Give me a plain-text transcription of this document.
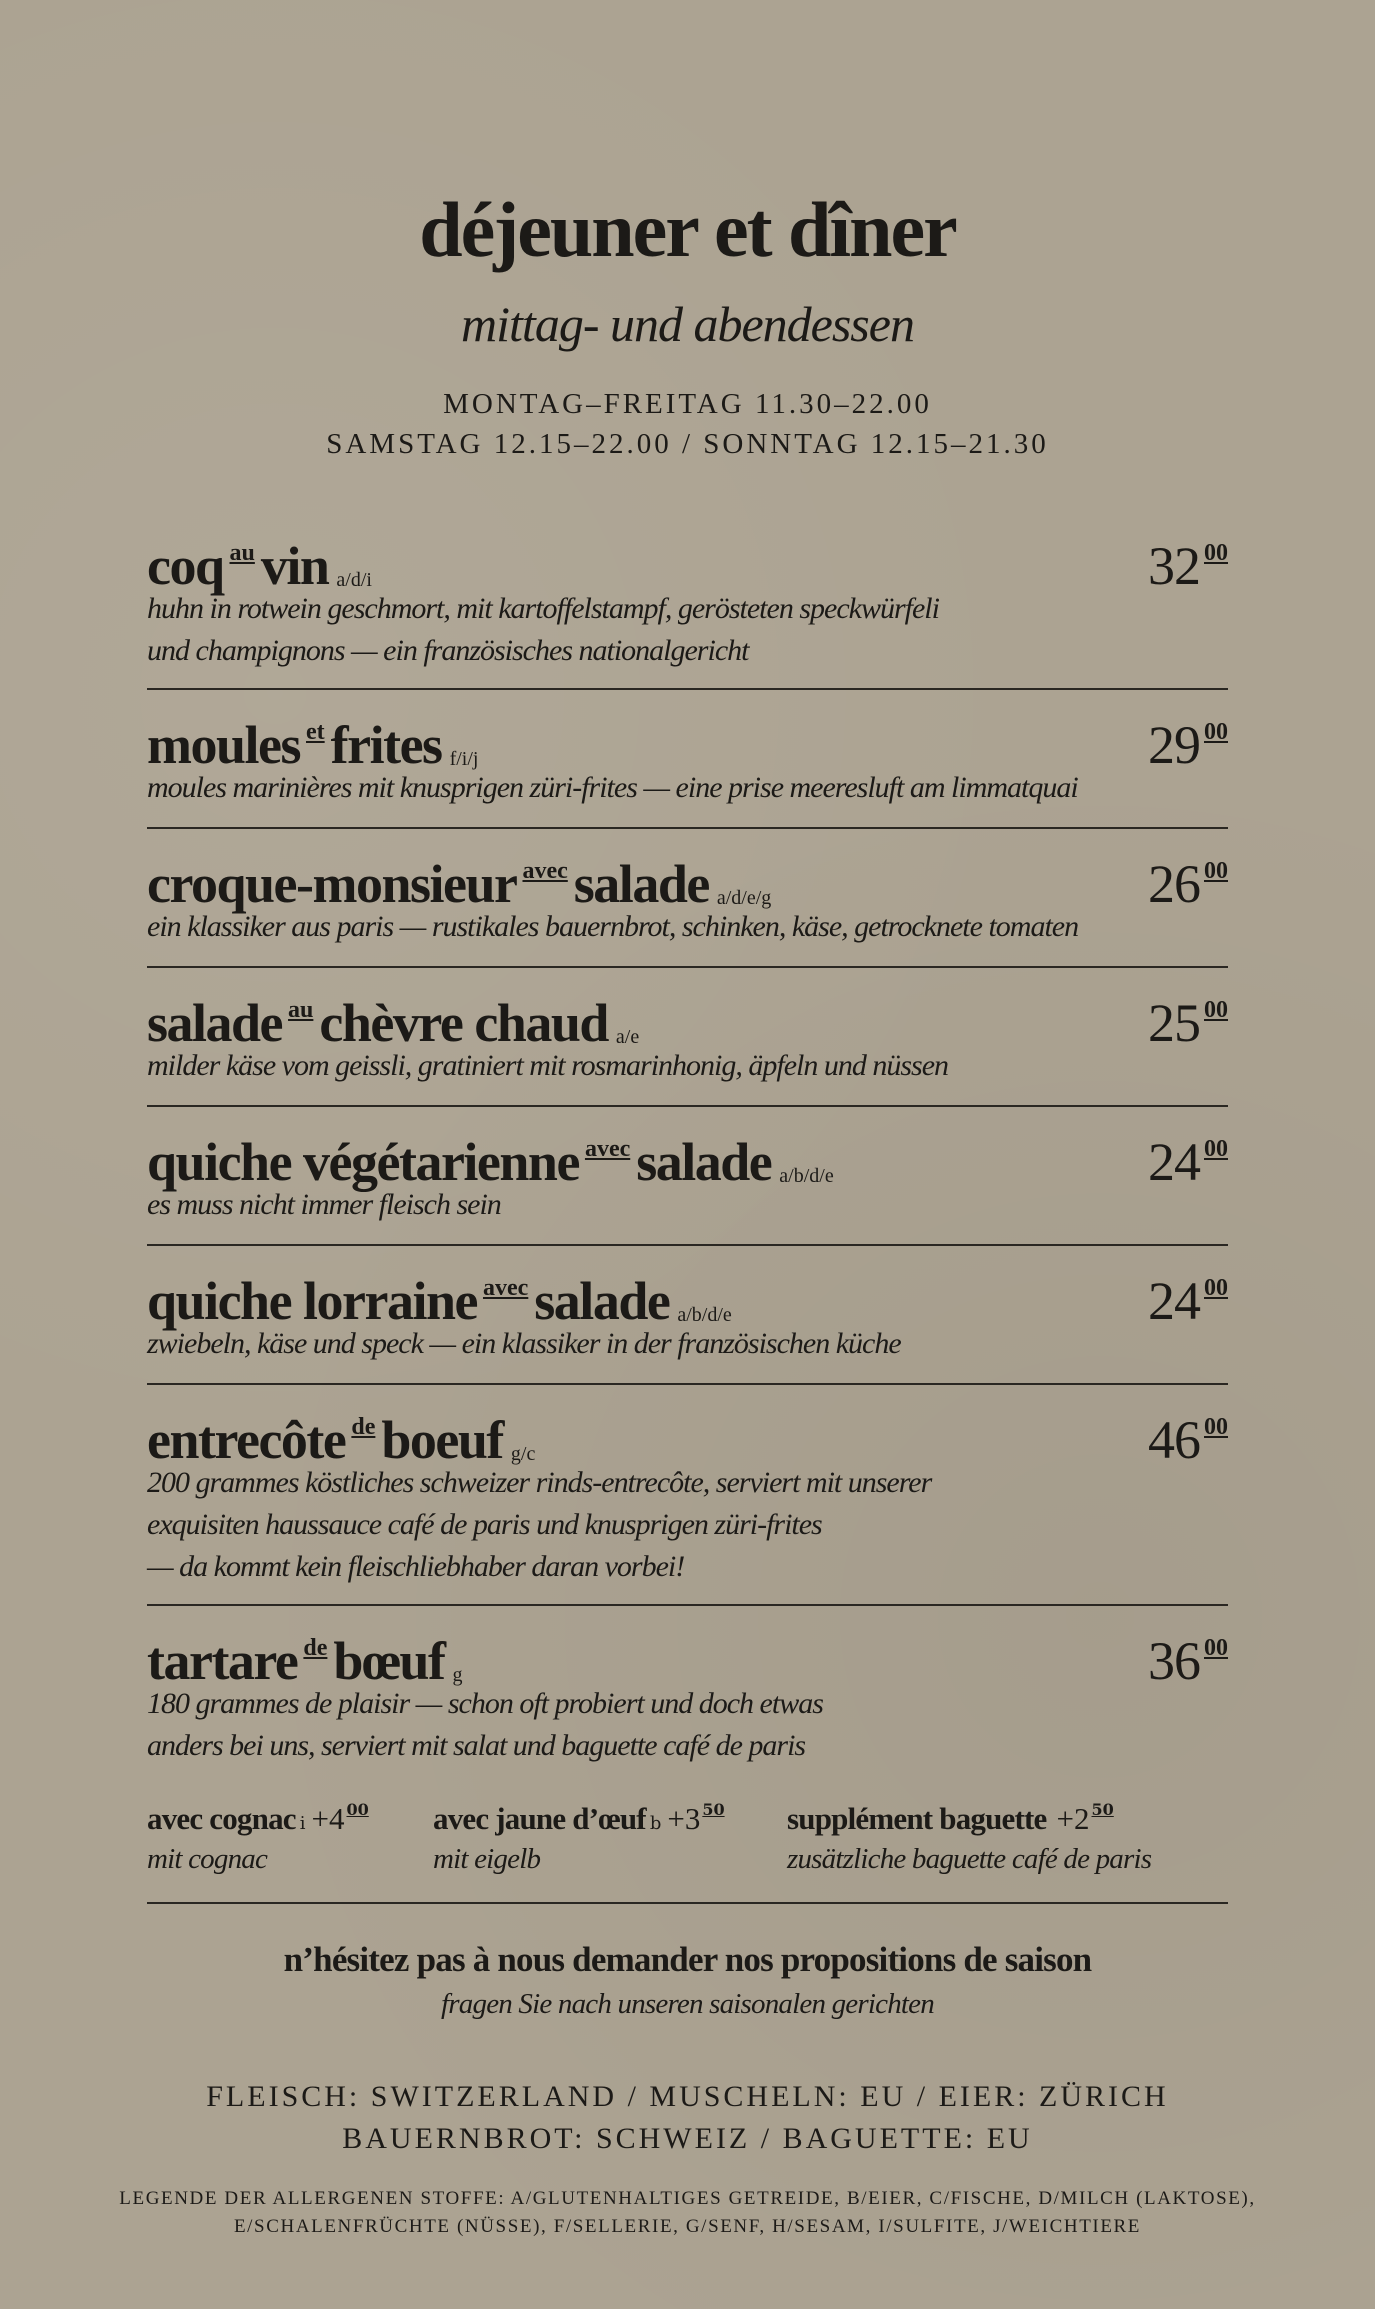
déjeuner et dîner
mittag- und abendessen
MONTAG–FREITAG 11.30–22.00
SAMSTAG 12.15–22.00 / SONNTAG 12.15–21.30
coq $^{au}$ vin a/d/i	32 $^{00}$
huhn in rotwein geschmort, mit kartoffelstampf, gerösteten speckwürfeli
und champignons — ein französisches nationalgericht
moules $^{et}$ frites f/i/j	29 $^{00}$
moules marinières mit knusprigen züri-frites — eine prise meeresluft am limmatquai
croque-monsieur $^{avec}$ salade a/d/e/g	26 $^{00}$
ein klassiker aus paris — rustikales bauernbrot, schinken, käse, getrocknete tomaten
salade $^{au}$ chèvre chaud a/e	25 $^{00}$
milder käse vom geissli, gratiniert mit rosmarinhonig, äpfeln und nüssen
quiche végétarienne $^{avec}$ salade a/b/d/e	24 $^{00}$
es muss nicht immer fleisch sein
quiche lorraine $^{avec}$ salade a/b/d/e	24 $^{00}$
zwiebeln, käse und speck — ein klassiker in der französischen küche
entrecôte $^{de}$ boeuf g/c	46 $^{00}$
200 grammes köstliches schweizer rinds-entrecôte, serviert mit unserer
exquisiten haussauce café de paris und knusprigen züri-frites
— da kommt kein fleischliebhaber daran vorbei!
tartare $^{de}$ bœuf g	36 $^{00}$
180 grammes de plaisir — schon oft probiert und doch etwas
anders bei uns, serviert mit salat und baguette café de paris
avec cognac i +4 00
mit cognac
avec jaune d’œuf b +3 50
mit eigelb
supplément baguette +2 50
zusätzliche baguette café de paris
n’hésitez pas à nous demander nos propositions de saison
fragen Sie nach unseren saisonalen gerichten
FLEISCH: SWITZERLAND / MUSCHELN: EU / EIER: ZÜRICH
BAUERNBROT: SCHWEIZ / BAGUETTE: EU
LEGENDE DER ALLERGENEN STOFFE: A/GLUTENHALTIGES GETREIDE, B/EIER, C/FISCHE, D/MILCH (LAKTOSE),
E/SCHALENFRÜCHTE (NÜSSE), F/SELLERIE, G/SENF, H/SESAM, I/SULFITE, J/WEICHTIERE
